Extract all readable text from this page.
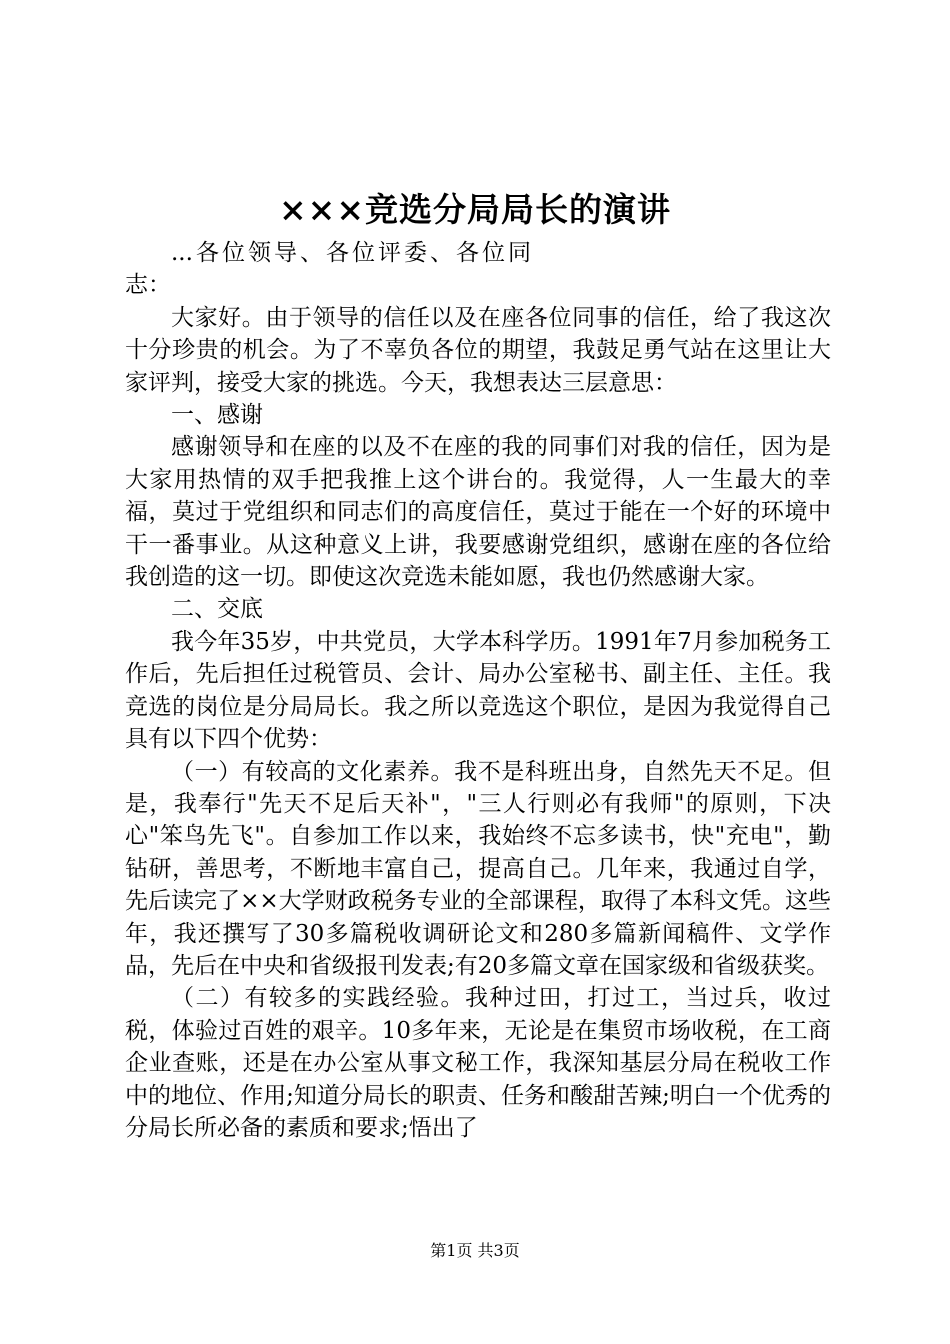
×××竞选分局局长的演讲

...各位领导、各位评委、各位同志：

大家好。由于领导的信任以及在座各位同事的信任，给了我这次十分珍贵的机会。为了不辜负各位的期望，我鼓足勇气站在这里让大家评判，接受大家的挑选。今天，我想表达三层意思：

一、感谢

感谢领导和在座的以及不在座的我的同事们对我的信任，因为是大家用热情的双手把我推上这个讲台的。我觉得，人一生最大的幸福，莫过于党组织和同志们的高度信任，莫过于能在一个好的环境中干一番事业。从这种意义上讲，我要感谢党组织，感谢在座的各位给我创造的这一切。即使这次竞选未能如愿，我也仍然感谢大家。

二、交底

我今年35岁，中共党员，大学本科学历。1991年7月参加税务工作后，先后担任过税管员、会计、局办公室秘书、副主任、主任。我竞选的岗位是分局局长。我之所以竞选这个职位，是因为我觉得自己具有以下四个优势：

（一）有较高的文化素养。我不是科班出身，自然先天不足。但是，我奉行"先天不足后天补"，"三人行则必有我师"的原则，下决心"笨鸟先飞"。自参加工作以来，我始终不忘多读书，快"充电"，勤钻研，善思考，不断地丰富自己，提高自己。几年来，我通过自学，先后读完了××大学财政税务专业的全部课程，取得了本科文凭。这些年，我还撰写了30多篇税收调研论文和280多篇新闻稿件、文学作品，先后在中央和省级报刊发表;有20多篇文章在国家级和省级获奖。

（二）有较多的实践经验。我种过田，打过工，当过兵，收过税，体验过百姓的艰辛。10多年来，无论是在集贸市场收税，在工商企业查账，还是在办公室从事文秘工作，我深知基层分局在税收工作中的地位、作用;知道分局长的职责、任务和酸甜苦辣;明白一个优秀的分局长所必备的素质和要求;悟出了

第1页 共3页
